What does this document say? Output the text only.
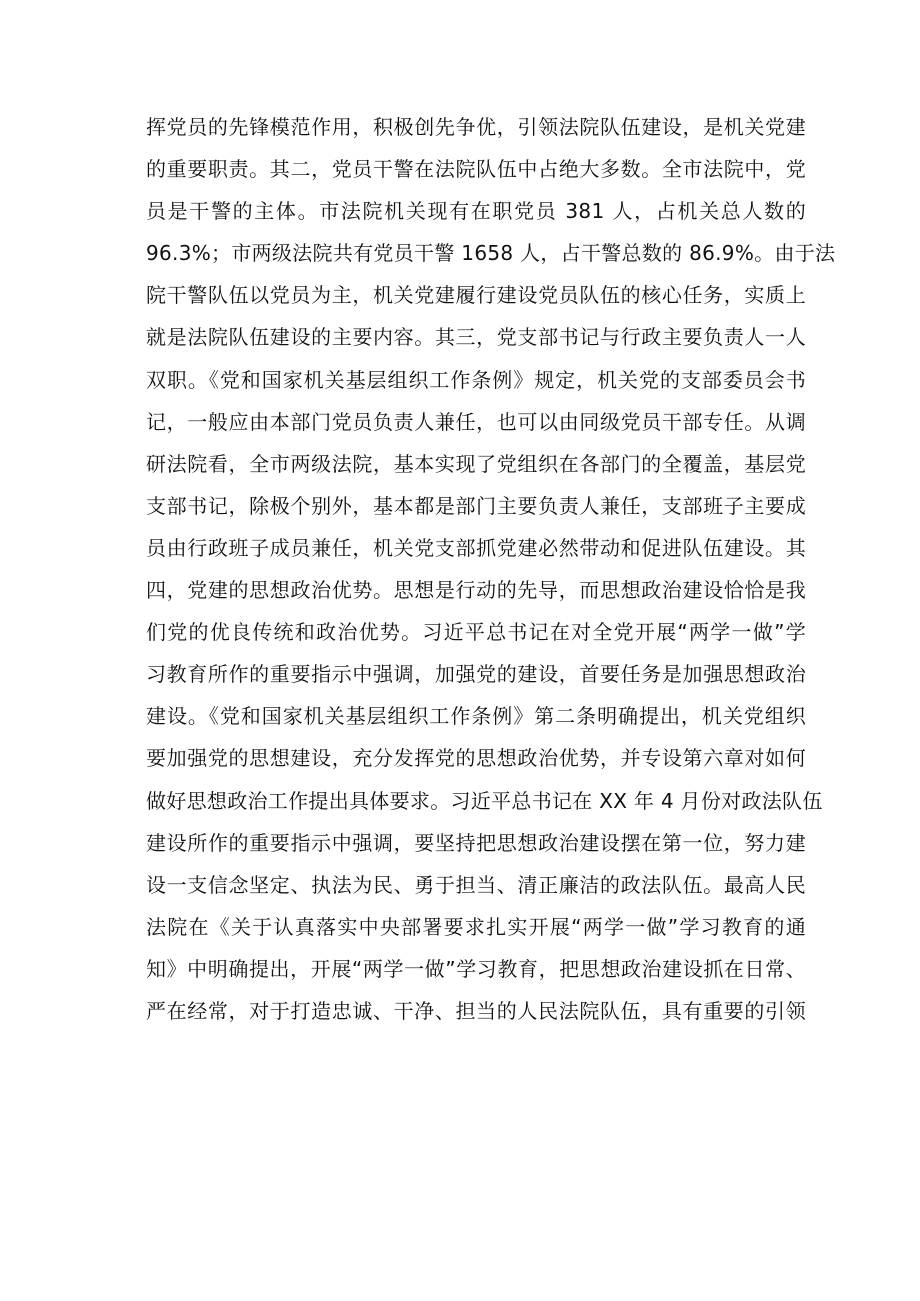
挥党员的先锋模范作用，积极创先争优，引领法院队伍建设，是机关党建
的重要职责。其二，党员干警在法院队伍中占绝大多数。全市法院中，党
员是干警的主体。市法院机关现有在职党员 381 人，占机关总人数的
96.3%；市两级法院共有党员干警 1658 人，占干警总数的 86.9%。由于法
院干警队伍以党员为主，机关党建履行建设党员队伍的核心任务，实质上
就是法院队伍建设的主要内容。其三，党支部书记与行政主要负责人一人
双职。《党和国家机关基层组织工作条例》规定，机关党的支部委员会书
记，一般应由本部门党员负责人兼任，也可以由同级党员干部专任。从调
研法院看，全市两级法院，基本实现了党组织在各部门的全覆盖，基层党
支部书记，除极个别外，基本都是部门主要负责人兼任，支部班子主要成
员由行政班子成员兼任，机关党支部抓党建必然带动和促进队伍建设。其
四，党建的思想政治优势。思想是行动的先导，而思想政治建设恰恰是我
们党的优良传统和政治优势。习近平总书记在对全党开展“两学一做”学
习教育所作的重要指示中强调，加强党的建设，首要任务是加强思想政治
建设。《党和国家机关基层组织工作条例》第二条明确提出，机关党组织
要加强党的思想建设，充分发挥党的思想政治优势，并专设第六章对如何
做好思想政治工作提出具体要求。习近平总书记在 XX 年 4 月份对政法队伍
建设所作的重要指示中强调，要坚持把思想政治建设摆在第一位，努力建
设一支信念坚定、执法为民、勇于担当、清正廉洁的政法队伍。最高人民
法院在《关于认真落实中央部署要求扎实开展“两学一做”学习教育的通
知》中明确提出，开展“两学一做”学习教育，把思想政治建设抓在日常、
严在经常，对于打造忠诚、干净、担当的人民法院队伍，具有重要的引领
